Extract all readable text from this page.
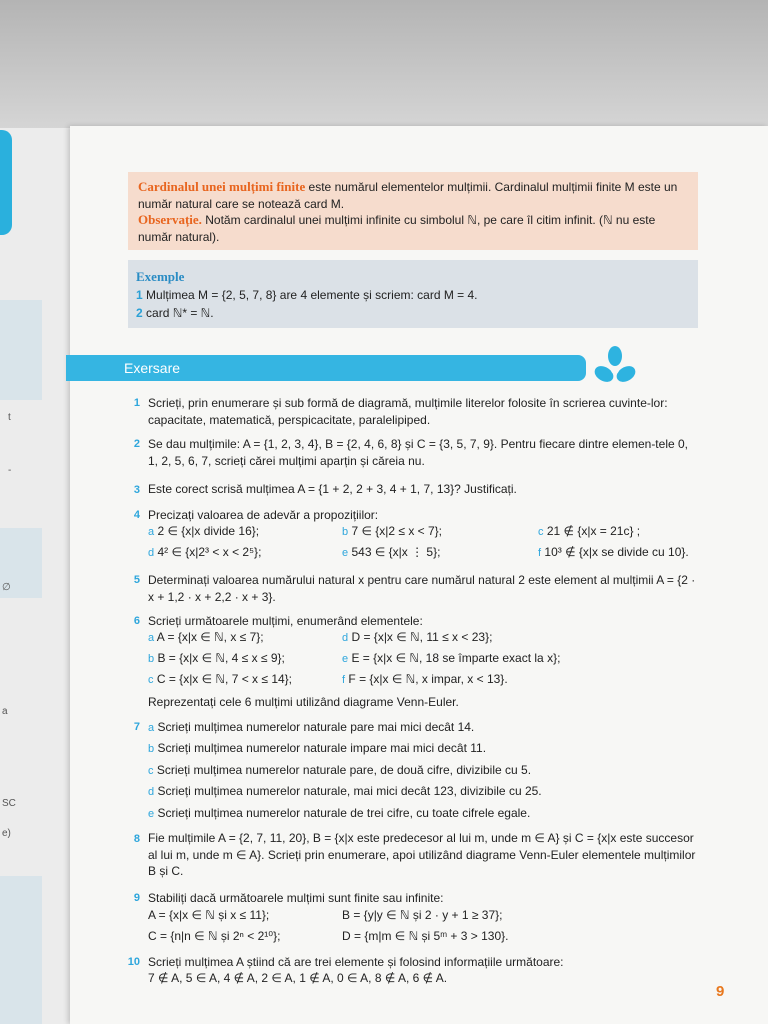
t
-
∅
a
SC
e)
Cardinalul unei mulțimi finite este numărul elementelor mulțimii. Cardinalul mulțimii finite M este un număr natural care se notează card M.
Observație. Notăm cardinalul unei mulțimi infinite cu simbolul ℕ, pe care îl citim infinit. (ℕ nu este număr natural).
Exemple
1 Mulțimea M = {2, 5, 7, 8} are 4 elemente și scriem: card M = 4.
2 card ℕ* = ℕ.
Exersare
1 Scrieți, prin enumerare și sub formă de diagramă, mulțimile literelor folosite în scrierea cuvinte-lor: capacitate, matematică, perspicacitate, paralelipiped.
2 Se dau mulțimile: A = {1, 2, 3, 4}, B = {2, 4, 6, 8} și C = {3, 5, 7, 9}. Pentru fiecare dintre elemen-tele 0, 1, 2, 5, 6, 7, scrieți cărei mulțimi aparțin și căreia nu.
3 Este corect scrisă mulțimea A = {1 + 2, 2 + 3, 4 + 1, 7, 13}? Justificați.
4 Precizați valoarea de adevăr a propozițiilor:
a 2 ∈ {x|x divide 16};	b 7 ∈ {x|2 ≤ x < 7};	c 21 ∉ {x|x = 21c} ;
d 4² ∈ {x|2³ < x < 2⁵};	e 543 ∈ {x|x ⋮ 5};	f 10³ ∉ {x|x se divide cu 10}.
5 Determinați valoarea numărului natural x pentru care numărul natural 2 este element al mulțimii A = {2 · x + 1,2 · x + 2,2 · x + 3}.
6 Scrieți următoarele mulțimi, enumerând elementele:
a A = {x|x ∈ ℕ, x ≤ 7};	d D = {x|x ∈ ℕ, 11 ≤ x < 23};
b B = {x|x ∈ ℕ, 4 ≤ x ≤ 9};	e E = {x|x ∈ ℕ, 18 se împarte exact la x};
c C = {x|x ∈ ℕ, 7 < x ≤ 14};	f F = {x|x ∈ ℕ, x impar, x < 13}.
Reprezentați cele 6 mulțimi utilizând diagrame Venn-Euler.
7 a Scrieți mulțimea numerelor naturale pare mai mici decât 14.
b Scrieți mulțimea numerelor naturale impare mai mici decât 11.
c Scrieți mulțimea numerelor naturale pare, de două cifre, divizibile cu 5.
d Scrieți mulțimea numerelor naturale, mai mici decât 123, divizibile cu 25.
e Scrieți mulțimea numerelor naturale de trei cifre, cu toate cifrele egale.
8 Fie mulțimile A = {2, 7, 11, 20}, B = {x|x este predecesor al lui m, unde m ∈ A} și C = {x|x este succesor al lui m, unde m ∈ A}. Scrieți prin enumerare, apoi utilizând diagrame Venn-Euler elementele mulțimilor B și C.
9 Stabiliți dacă următoarele mulțimi sunt finite sau infinite:
A = {x|x ∈ ℕ și x ≤ 11};	B = {y|y ∈ ℕ și 2 · y + 1 ≥ 37};
C = {n|n ∈ ℕ și 2ⁿ < 2¹⁰};	D = {m|m ∈ ℕ și 5ᵐ + 3 > 130}.
10 Scrieți mulțimea A știind că are trei elemente și folosind informațiile următoare:
7 ∉ A, 5 ∈ A, 4 ∉ A, 2 ∈ A, 1 ∉ A, 0 ∈ A, 8 ∉ A, 6 ∉ A.
9
